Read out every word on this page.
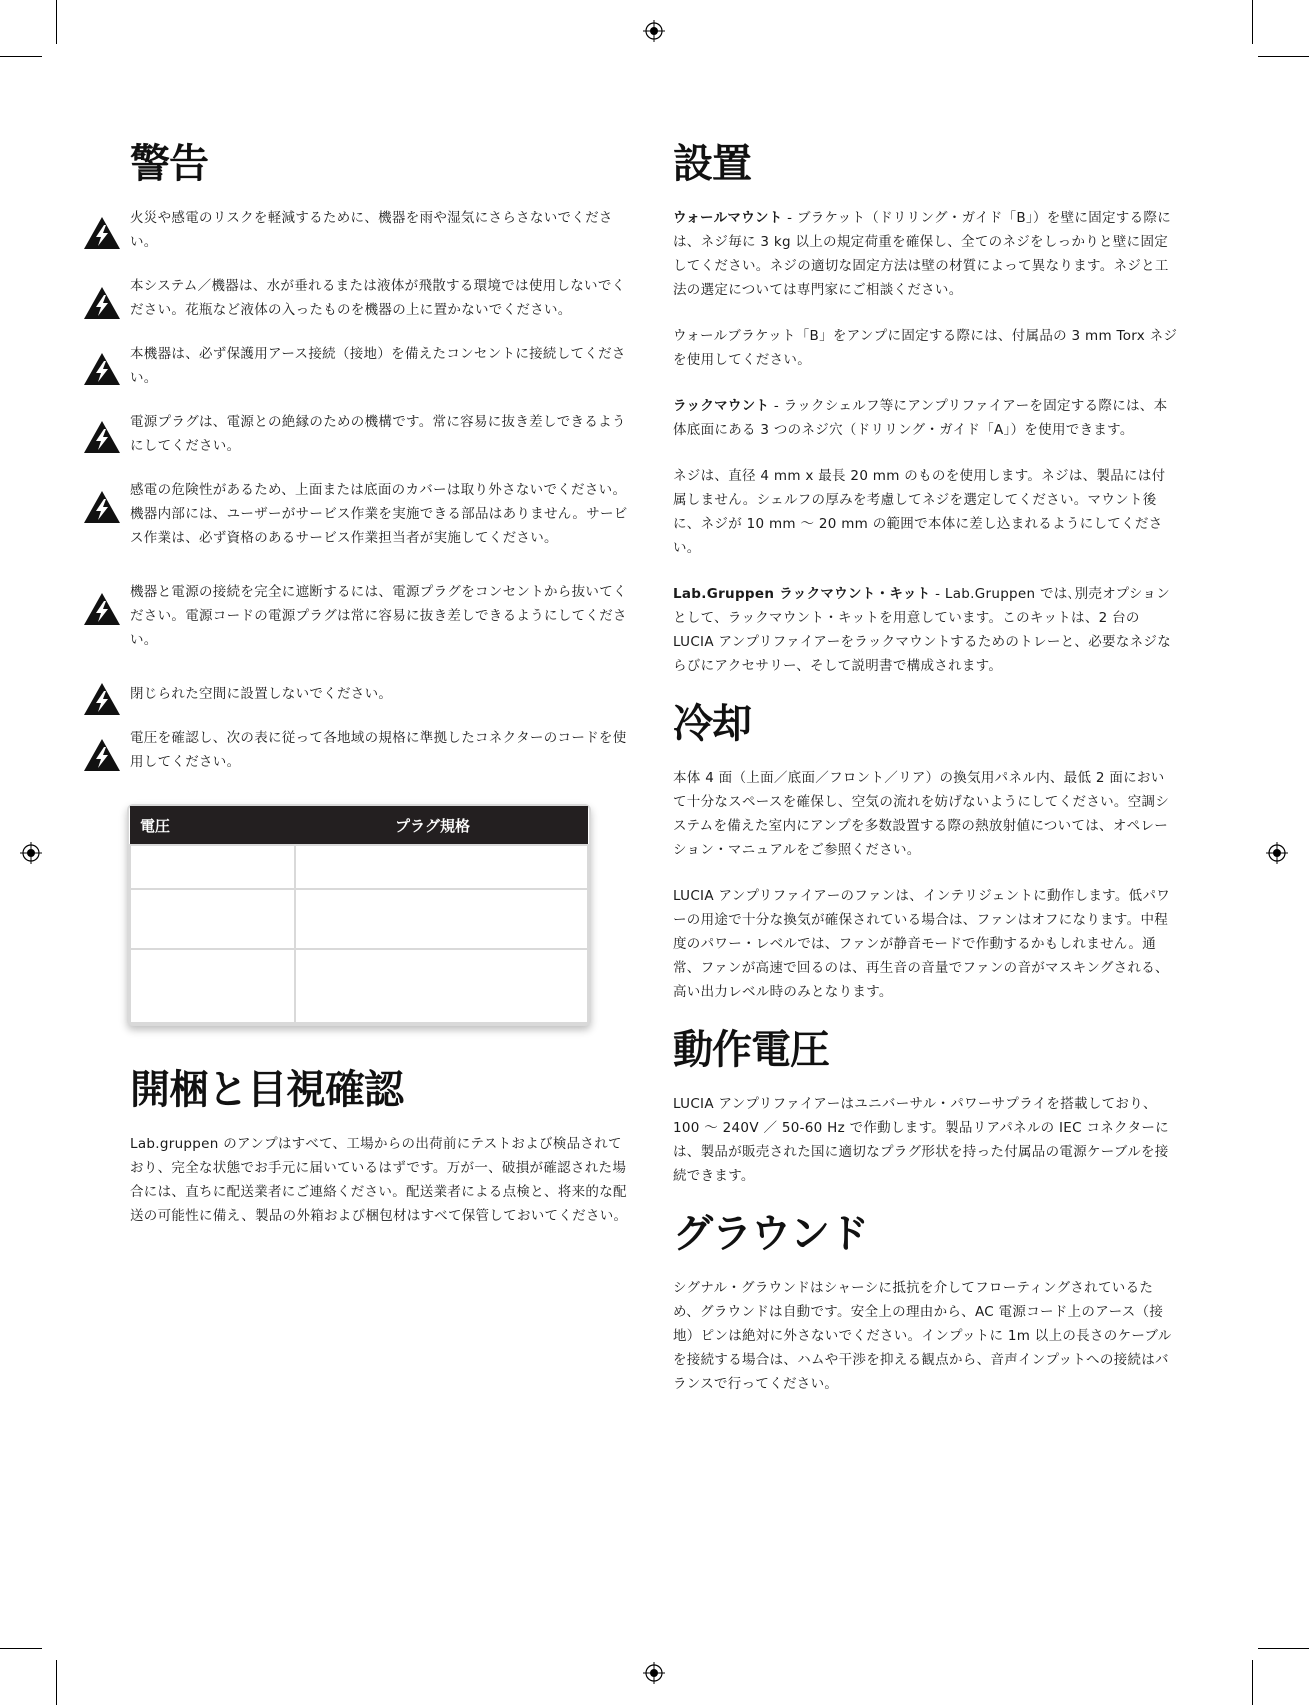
警告

火災や感電のリスクを軽減するために、機器を雨や湿気にさらさないでください。

本システム／機器は、水が垂れるまたは液体が飛散する環境では使用しないでください。花瓶など液体の入ったものを機器の上に置かないでください。

本機器は、必ず保護用アース接続（接地）を備えたコンセントに接続してください。

電源プラグは、電源との絶縁のための機構です。常に容易に抜き差しできるようにしてください。

感電の危険性があるため、上面または底面のカバーは取り外さないでください。機器内部には、ユーザーがサービス作業を実施できる部品はありません。サービス作業は、必ず資格のあるサービス作業担当者が実施してください。

機器と電源の接続を完全に遮断するには、電源プラグをコンセントから抜いてください。電源コードの電源プラグは常に容易に抜き差しできるようにしてください。

閉じられた空間に設置しないでください。

電圧を確認し、次の表に従って各地域の規格に準拠したコネクターのコードを使用してください。

電圧	プラグ規格

開梱と目視確認

Lab.gruppen のアンプはすべて、工場からの出荷前にテストおよび検品されており、完全な状態でお手元に届いているはずです。万が一、破損が確認された場合には、直ちに配送業者にご連絡ください。配送業者による点検と、将来的な配送の可能性に備え、製品の外箱および梱包材はすべて保管しておいてください。

設置

ウォールマウント - ブラケット（ドリリング・ガイド「B」）を壁に固定する際には、ネジ毎に 3 kg 以上の規定荷重を確保し、全てのネジをしっかりと壁に固定してください。ネジの適切な固定方法は壁の材質によって異なります。ネジと工法の選定については専門家にご相談ください。

ウォールブラケット「B」をアンプに固定する際には、付属品の 3 mm Torx ネジを使用してください。

ラックマウント - ラックシェルフ等にアンプリファイアーを固定する際には、本体底面にある 3 つのネジ穴（ドリリング・ガイド「A」）を使用できます。

ネジは、直径 4 mm x 最長 20 mm のものを使用します。ネジは、製品には付属しません。シェルフの厚みを考慮してネジを選定してください。マウント後に、ネジが 10 mm ～ 20 mm の範囲で本体に差し込まれるようにしてください。

Lab.Gruppen ラックマウント・キット - Lab.Gruppen では､別売オプションとして、ラックマウント・キットを用意しています。このキットは、2 台の LUCIA アンプリファイアーをラックマウントするためのトレーと、必要なネジならびにアクセサリー、そして説明書で構成されます。

冷却

本体 4 面（上面／底面／フロント／リア）の換気用パネル内、最低 2 面において十分なスペースを確保し、空気の流れを妨げないようにしてください。空調システムを備えた室内にアンプを多数設置する際の熱放射値については、オペレーション・マニュアルをご参照ください。

LUCIA アンプリファイアーのファンは、インテリジェントに動作します。低パワーの用途で十分な換気が確保されている場合は、ファンはオフになります。中程度のパワー・レベルでは、ファンが静音モードで作動するかもしれません。通常、ファンが高速で回るのは、再生音の音量でファンの音がマスキングされる、高い出力レベル時のみとなります。

動作電圧

LUCIA アンプリファイアーはユニバーサル・パワーサプライを搭載しており、100 ～ 240V ／ 50-60 Hz で作動します。製品リアパネルの IEC コネクターには、製品が販売された国に適切なプラグ形状を持った付属品の電源ケーブルを接続できます。

グラウンド

シグナル・グラウンドはシャーシに抵抗を介してフローティングされているため、グラウンドは自動です。安全上の理由から、AC 電源コード上のアース（接地）ピンは絶対に外さないでください。インプットに 1m 以上の長さのケーブルを接続する場合は、ハムや干渉を抑える観点から、音声インプットへの接続はバランスで行ってください。
